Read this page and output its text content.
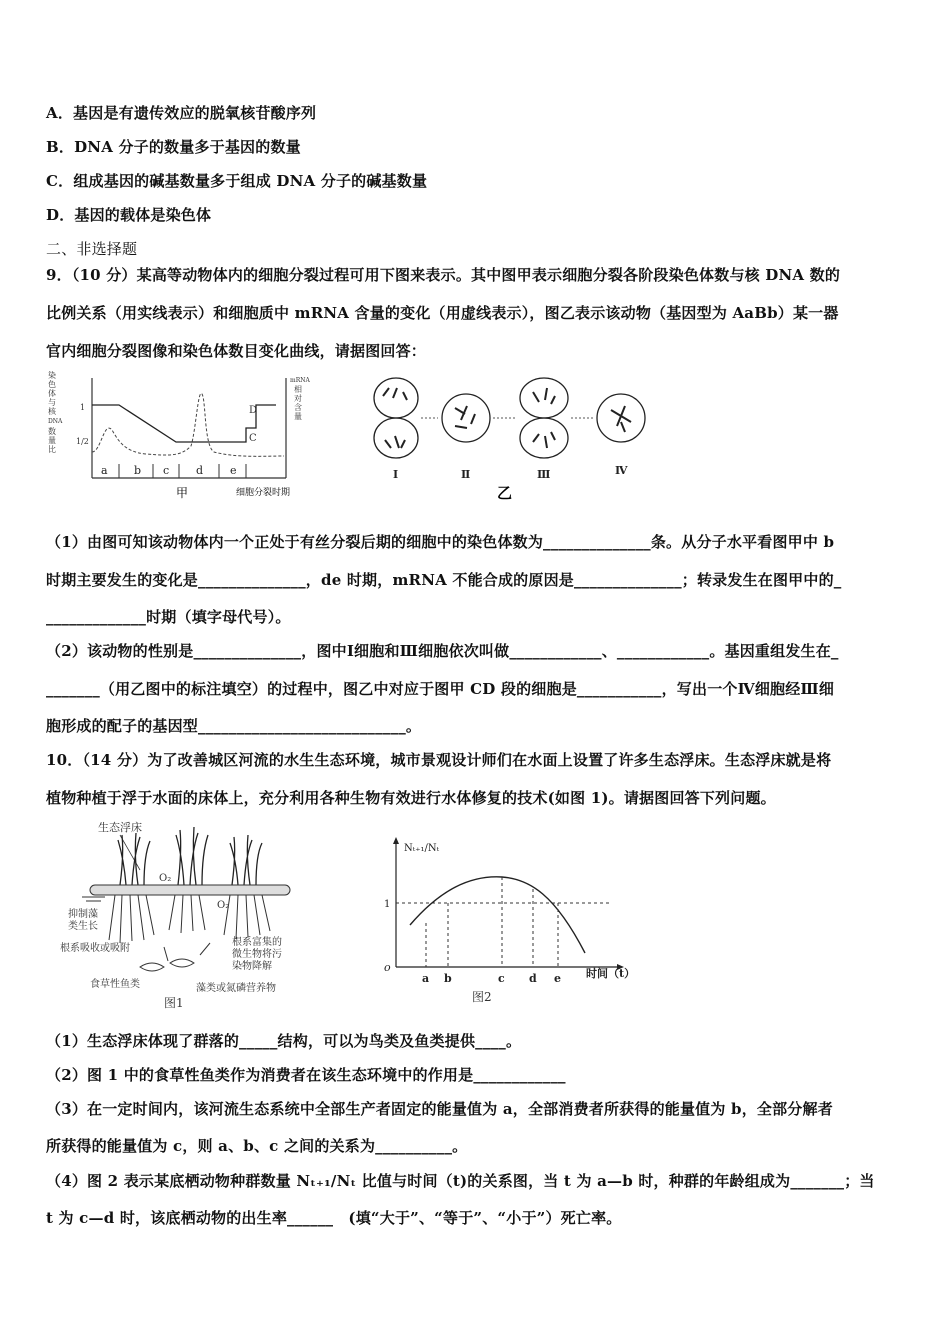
A．基因是有遗传效应的脱氧核苷酸序列
B．DNA 分子的数量多于基因的数量
C．组成基因的碱基数量多于组成 DNA 分子的碱基数量
D．基因的载体是染色体
二、非选择题
9．（10 分）某高等动物体内的细胞分裂过程可用下图来表示。其中图甲表示细胞分裂各阶段染色体数与核 DNA 数的
比例关系（用实线表示）和细胞质中 mRNA 含量的变化（用虚线表示），图乙表示该动物（基因型为 AaBb）某一器
官内细胞分裂图像和染色体数目变化曲线，请据图回答：
染
色
体
与
核
DNA
数
量
比
mRNA
相
对
含
量
1
1/2
D
C
a b c d e
甲	细胞分裂时期
Ⅰ	Ⅱ	Ⅲ	Ⅳ
乙
（1）由图可知该动物体内一个正处于有丝分裂后期的细胞中的染色体数为______________条。从分子水平看图甲中 b
时期主要发生的变化是______________，de 时期，mRNA 不能合成的原因是______________；转录发生在图甲中的_
_____________时期（填字母代号）。
（2）该动物的性别是______________，图中Ⅰ细胞和Ⅲ细胞依次叫做____________、____________。基因重组发生在_
_______（用乙图中的标注填空）的过程中，图乙中对应于图甲 CD 段的细胞是___________，写出一个Ⅳ细胞经Ⅲ细
胞形成的配子的基因型___________________________。
10．（14 分）为了改善城区河流的水生生态环境，城市景观设计师们在水面上设置了许多生态浮床。生态浮床就是将
植物种植于浮于水面的床体上，充分利用各种生物有效进行水体修复的技术(如图 1)。请据图回答下列问题。
生态浮床
O₂
O₂
抑制藻
类生长
根系吸收或吸附
根系富集的
微生物将污
染物降解
食草性鱼类	藻类或氮磷营养物
图1
Nₜ₊₁/Nₜ
o
1
a b	c d e 时间（t）
图2
（1）生态浮床体现了群落的_____结构，可以为鸟类及鱼类提供____。
（2）图 1 中的食草性鱼类作为消费者在该生态环境中的作用是____________
（3）在一定时间内，该河流生态系统中全部生产者固定的能量值为 a，全部消费者所获得的能量值为 b，全部分解者
所获得的能量值为 c，则 a、b、c 之间的关系为__________。
（4）图 2 表示某底栖动物种群数量 Nₜ₊₁/Nₜ 比值与时间（t)的关系图，当 t 为 a—b 时，种群的年龄组成为_______；当
t 为 c—d 时，该底栖动物的出生率______　(填“大于”、“等于”、“小于”）死亡率。
